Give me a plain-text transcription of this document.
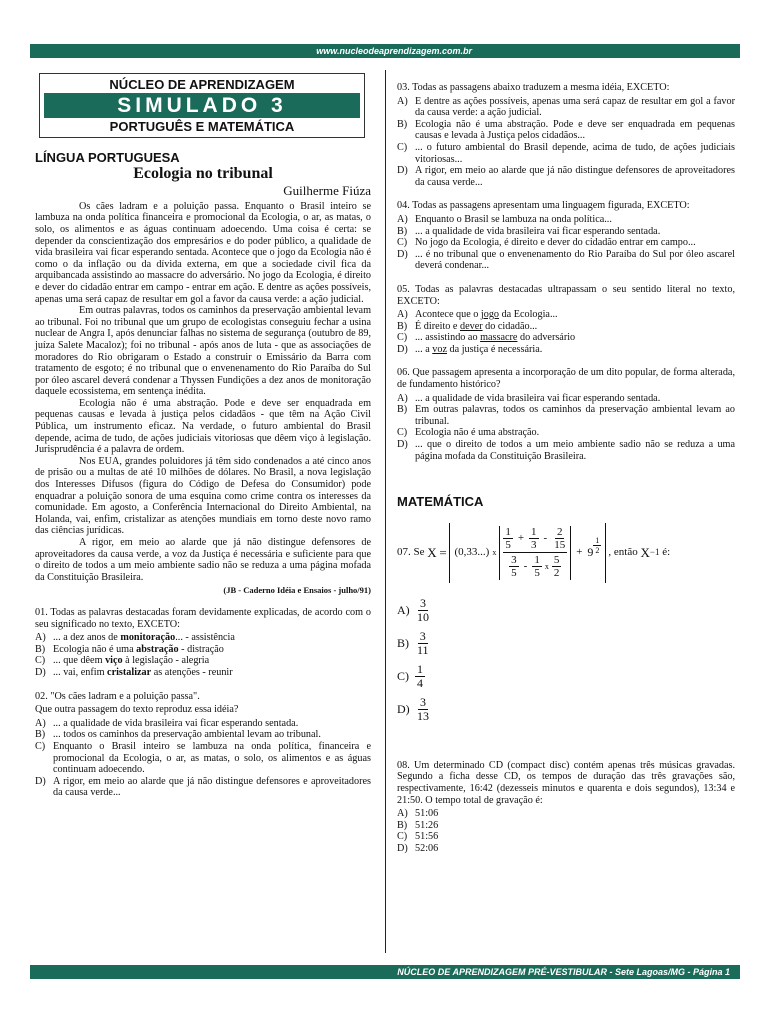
www.nucleodeaprendizagem.com.br
NÚCLEO DE APRENDIZAGEM
SIMULADO 3
PORTUGUÊS E MATEMÁTICA
LÍNGUA PORTUGUESA
Ecologia no tribunal
Guilherme Fiúza

Os cães ladram e a poluição passa. Enquanto o Brasil inteiro se lambuza na onda política financeira e promocional da Ecologia, o ar, as matas, o solo, os alimentos e as águas continuam adoecendo. Uma coisa é certa: se depender da conscientização dos empresários e do poder público, a qualidade de vida brasileira vai ficar esperando sentada. Acontece que o jogo da Ecologia não é como o da inflação ou da dívida externa, em que a sociedade civil fica da arquibancada assistindo ao massacre do adversário. No jogo da Ecologia, é direito e dever do cidadão entrar em campo - entrar em ação. E dentre as ações possíveis, apenas uma será capaz de resultar em gol a favor da causa verde: a ação judicial.

Em outras palavras, todos os caminhos da preservação ambiental levam ao tribunal. Foi no tribunal que um grupo de ecologistas conseguiu fechar a usina nuclear de Angra I, após denunciar falhas no sistema de segurança (outubro de 89, juíza Salete Macaloz); foi no tribunal - após anos de luta - que as associações de moradores do Rio obrigaram o Estado a construir o Emissário da Barra com tratamento de esgoto; é no tribunal que o envenenamento do Rio Paraíba do Sul por óleo ascarel deverá condenar a Thyssen Fundições a dez anos de monitoração daquele ecossistema, em sentença inédita.

Ecologia não é uma abstração. Pode e deve ser enquadrada em pequenas causas e levada à justiça pelos cidadãos - que têm na Ação Civil Pública, um instrumento eficaz. Na verdade, o futuro ambiental do Brasil depende, acima de tudo, de ações judiciais vitoriosas que dêem viço à legislação. Jurisprudência é a palavra de ordem.

Nos EUA, grandes poluidores já têm sido condenados a até cinco anos de prisão ou a multas de até 10 milhões de dólares. No Brasil, a nova legislação dos Interesses Difusos (figura do Código de Defesa do Consumidor) pode enquadrar a poluição sonora de uma esquina como crime contra os interesses da comunidade. Em agosto, a Conferência Internacional do Direito Ambiental, na Holanda, vai, enfim, cristalizar as atenções mundiais em torno deste novo ramo das ciências jurídicas.

A rigor, em meio ao alarde que já não distingue defensores de aproveitadores da causa verde, a voz da Justiça é necessária e suficiente para que o direito de todos a um meio ambiente sadio não se reduza a uma página mofada da Constituição Brasileira.

(JB - Caderno Idéia e Ensaios - julho/91)

01. Todas as palavras destacadas foram devidamente explicadas, de acordo com o seu significado no texto, EXCETO:

A) ... a dez anos de monitoração... - assistência
B) Ecologia não é uma abstração - distração
C) ... que dêem viço à legislação - alegria
D) ... vai, enfim cristalizar as atenções - reunir

02. "Os cães ladram e a poluição passa".

Que outra passagem do texto reproduz essa idéia?

A) ... a qualidade de vida brasileira vai ficar esperando sentada.
B) ... todos os caminhos da preservação ambiental levam ao tribunal.
C) Enquanto o Brasil inteiro se lambuza na onda política, financeira e promocional da Ecologia, o ar, as matas, o solo, os alimentos e as águas continuam adoecendo.
D) A rigor, em meio ao alarde que já não distingue defensores e aproveitadores da causa verde...

03. Todas as passagens abaixo traduzem a mesma idéia, EXCETO:

A) E dentre as ações possíveis, apenas uma será capaz de resultar em gol a favor da causa verde: a ação judicial.
B) Ecologia não é uma abstração. Pode e deve ser enquadrada em pequenas causas e levada à Justiça pelos cidadãos...
C) ... o futuro ambiental do Brasil depende, acima de tudo, de ações judiciais vitoriosas...
D) A rigor, em meio ao alarde que já não distingue defensores de aproveitadores da causa verde...

04. Todas as passagens apresentam uma linguagem figurada, EXCETO:

A) Enquanto o Brasil se lambuza na onda política...
B) ... a qualidade de vida brasileira vai ficar esperando sentada.
C) No jogo da Ecologia, é direito e dever do cidadão entrar em campo...
D) ... é no tribunal que o envenenamento do Rio Paraíba do Sul por óleo ascarel deverá condenar...

05. Todas as palavras destacadas ultrapassam o seu sentido literal no texto, EXCETO:

A) Acontece que o jogo da Ecologia...
B) É direito e dever do cidadão...
C) ... assistindo ao massacre do adversário
D) ... a voz da justiça é necessária.

06. Que passagem apresenta a incorporação de um dito popular, de forma alterada, de fundamento histórico?

A) ... a qualidade de vida brasileira vai ficar esperando sentada.
B) Em outras palavras, todos os caminhos da preservação ambiental levam ao tribunal.
C) Ecologia não é uma abstração.
D) ... que o direito de todos a um meio ambiente sadio não se reduza a uma página mofada da Constituição Brasileira.
MATEMÁTICA
07. Se
X
=
(0,33...) x
$\frac{1}{5} + \frac{1}{3} - \frac{2}{15}$
$\frac{3}{5} - \frac{1}{5}$ x $\frac{5}{2}$
+ $9 \frac{1}{2}$ , então
X −1
é:
$A) \frac{3}{10}$
$B) \frac{3}{11}$
$C) \frac{1}{4}$
$D) \frac{3}{13}$

08. Um determinado CD (compact disc) contém apenas três músicas gravadas. Segundo a ficha desse CD, os tempos de duração das três gravações são, respectivamente, 16:42 (dezesseis minutos e quarenta e dois segundos), 13:34 e 21:50. O tempo total de gravação é:

A) 51:06
B) 51:26
C) 51:56
D) 52:06
NÚCLEO DE APRENDIZAGEM PRÉ-VESTIBULAR - Sete Lagoas/MG - Página 1
